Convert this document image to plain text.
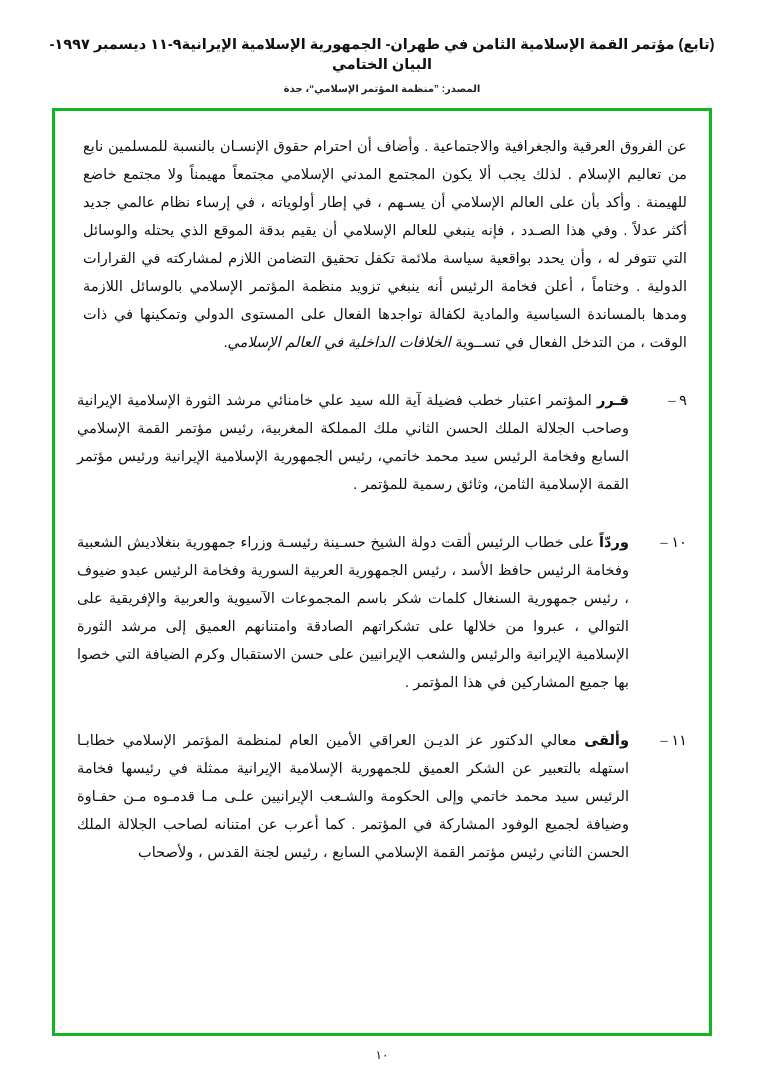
(تابع) مؤتمر القمة الإسلامية الثامن في طهران- الجمهورية الإسلامية الإيرانية٩-١١ ديسمبر ١٩٩٧- البيان الختامي
المصدر: ”منظمة المؤتمر الإسلامي“، جدة

عن الفروق العرقية والجغرافية والاجتماعية . وأضاف أن احترام حقوق الإنسـان بالنسبة للمسلمين نابع من تعاليم الإسلام . لذلك يجب ألا يكون المجتمع المدني الإسلامي مجتمعاً مهيمناً ولا مجتمع خاضع للهيمنة . وأكد بأن على العالم الإسلامي أن يسـهم ، في إطار أولوياته ، في إرساء نظام عالمي جديد أكثر عدلاً . وفي هذا الصـدد ، فإنه ينبغي للعالم الإسلامي أن يقيم بدقة الموقع الذي يحتله والوسائل التي تتوفر له ، وأن يحدد بواقعية سياسة ملائمة تكفل تحقيق التضامن اللازم لمشاركته في القرارات الدولية . وختاماً ، أعلن فخامة الرئيس أنه ينبغي تزويد منظمة المؤتمر الإسلامي بالوسائل اللازمة ومدها بالمساندة السياسية والمادية لكفالة تواجدها الفعال على المستوى الدولي وتمكينها في ذات الوقت ، من التدخل الفعال في تســوية الخلافات الداخلية في العالم الإسلامي.

٩ –
قـرر المؤتمر اعتبار خطب فضيلة آية الله سيد علي خامنائي مرشد الثورة الإسلامية الإيرانية وصاحب الجلالة الملك الحسن الثاني ملك المملكة المغربية، رئيس مؤتمر القمة الإسلامي السابع وفخامة الرئيس سيد محمد خاتمي، رئيس الجمهورية الإسلامية الإيرانية ورئيس مؤتمر القمة الإسلامية الثامن، وثائق رسمية للمؤتمر .
١٠ –
وردّاً على خطاب الرئيس ألقت دولة الشيخ حسـينة رئيسـة وزراء جمهورية بنغلاديش الشعبية وفخامة الرئيس حافظ الأسد ، رئيس الجمهورية العربية السورية وفخامة الرئيس عبدو ضيوف ، رئيس جمهورية السنغال كلمات شكر باسم المجموعات الآسيوية والعربية والإفريقية على التوالي ، عبروا من خلالها على تشكراتهم الصادقة وامتنانهم العميق إلى مرشد الثورة الإسلامية الإيرانية والرئيس والشعب الإيرانيين على حسن الاستقبال وكرم الضيافة التي خصوا بها جميع المشاركين في هذا المؤتمر .
١١ –
وألقى معالي الدكتور عز الديـن العراقي الأمين العام لمنظمة المؤتمر الإسلامي خطابـا استهله بالتعبير عن الشكر العميق للجمهورية الإسلامية الإيرانية ممثلة في رئيسها فخامة الرئيس سيد محمد خاتمي وإلى الحكومة والشـعب الإيرانيين علـى مـا قدمـوه مـن حفـاوة وضيافة لجميع الوفود المشاركة في المؤتمر . كما أعرب عن امتنانه لصاحب الجلالة الملك الحسن الثاني رئيس مؤتمر القمة الإسلامي السابع ، رئيس لجنة القدس ، ولأصحاب
١٠
